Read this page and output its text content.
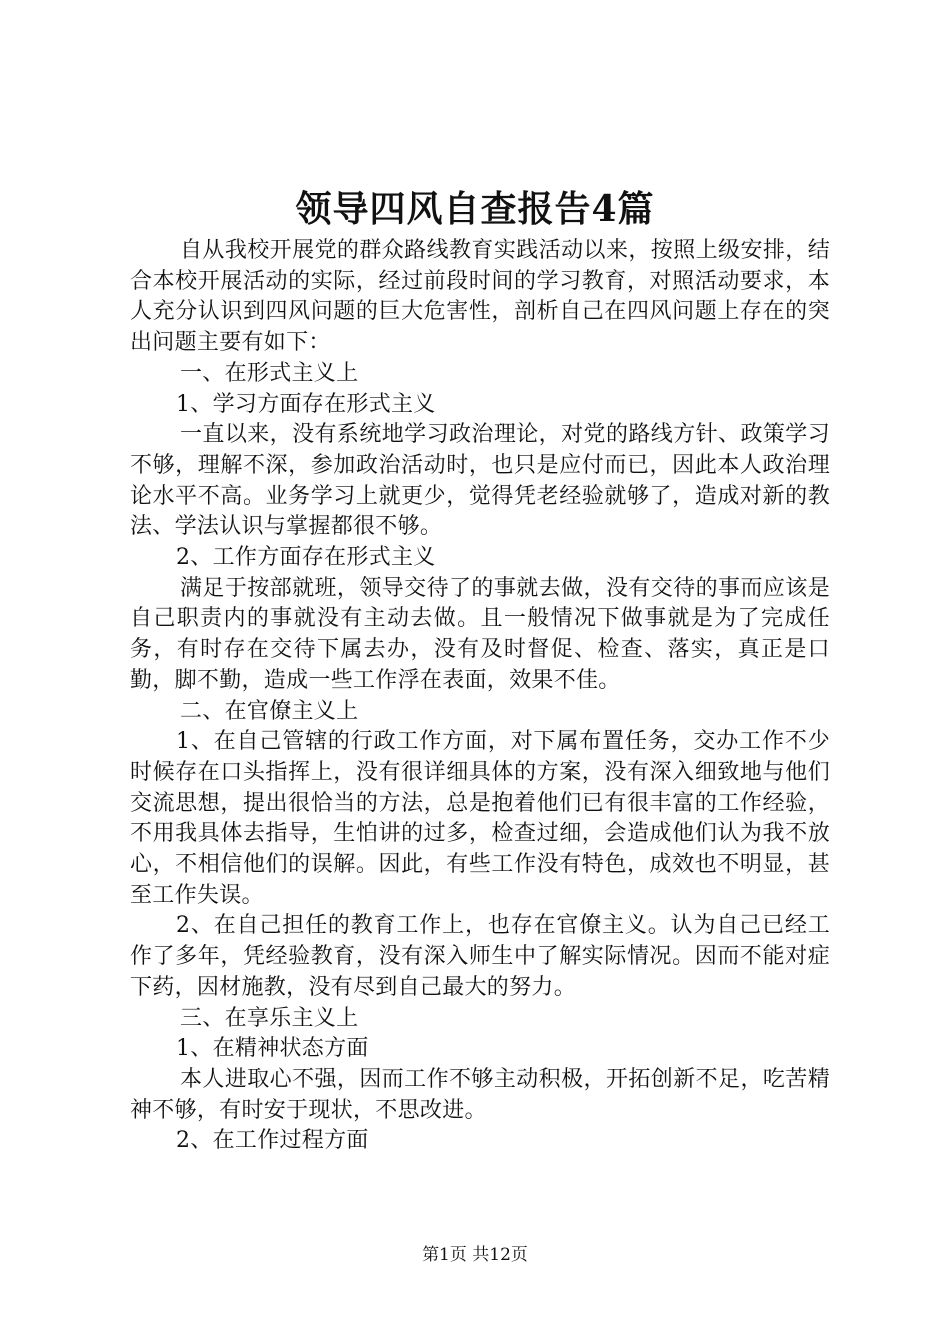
领导四风自查报告4篇

自从我校开展党的群众路线教育实践活动以来，按照上级安排，结合本校开展活动的实际，经过前段时间的学习教育，对照活动要求，本人充分认识到四风问题的巨大危害性，剖析自己在四风问题上存在的突出问题主要有如下：

一、在形式主义上

1、学习方面存在形式主义

一直以来，没有系统地学习政治理论，对党的路线方针、政策学习不够，理解不深，参加政治活动时，也只是应付而已，因此本人政治理论水平不高。业务学习上就更少，觉得凭老经验就够了，造成对新的教法、学法认识与掌握都很不够。

2、工作方面存在形式主义

满足于按部就班，领导交待了的事就去做，没有交待的事而应该是自己职责内的事就没有主动去做。且一般情况下做事就是为了完成任务，有时存在交待下属去办，没有及时督促、检查、落实，真正是口勤，脚不勤，造成一些工作浮在表面，效果不佳。

二、在官僚主义上

1、在自己管辖的行政工作方面，对下属布置任务，交办工作不少时候存在口头指挥上，没有很详细具体的方案，没有深入细致地与他们交流思想，提出很恰当的方法，总是抱着他们已有很丰富的工作经验，不用我具体去指导，生怕讲的过多，检查过细，会造成他们认为我不放心，不相信他们的误解。因此，有些工作没有特色，成效也不明显，甚至工作失误。

2、在自己担任的教育工作上，也存在官僚主义。认为自己已经工作了多年，凭经验教育，没有深入师生中了解实际情况。因而不能对症下药，因材施教，没有尽到自己最大的努力。

三、在享乐主义上

1、在精神状态方面

本人进取心不强，因而工作不够主动积极，开拓创新不足，吃苦精神不够，有时安于现状，不思改进。

2、在工作过程方面

第1页 共12页
